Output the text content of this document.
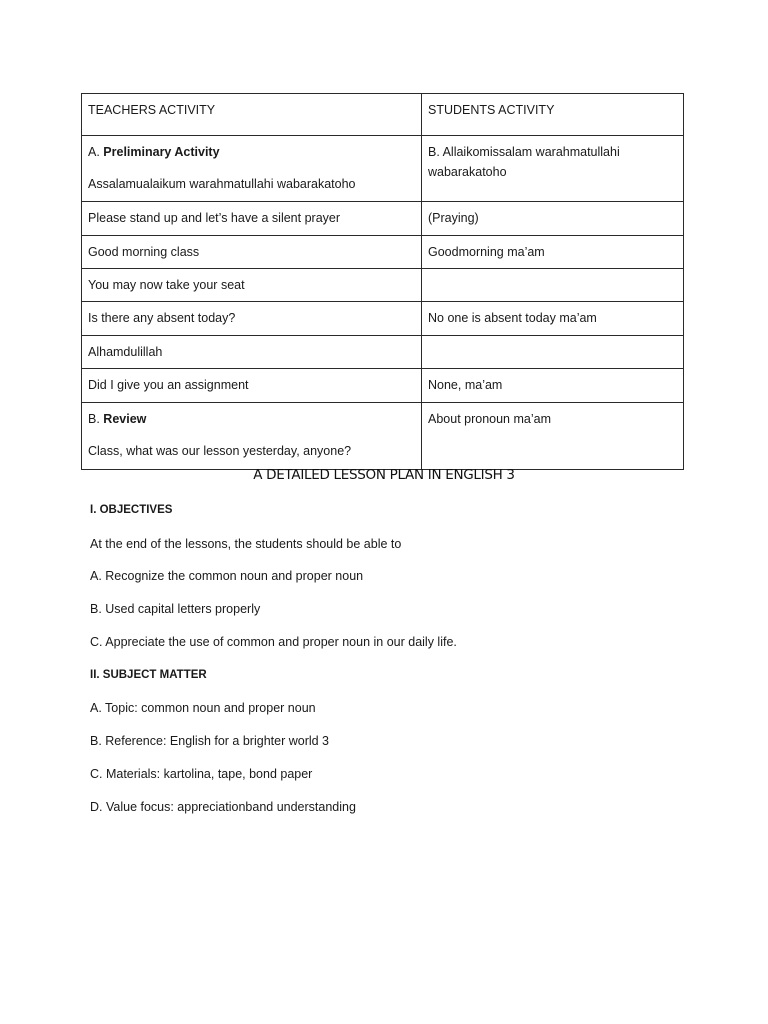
TEACHERS ACTIVITY	STUDENTS ACTIVITY

A. Preliminary Activity
Assalamualaikum warahmatullahi wabarakatoho	B. Allaikomissalam warahmatullahi
wabarakatoho

Please stand up and let’s have a silent prayer	(Praying)
Good morning class	Goodmorning ma’am
You may now take your seat	
Is there any absent today?	No one is absent today ma’am
Alhamdulillah	
Did I give you an assignment	None, ma’am

B. Review
Class, what was our lesson yesterday, anyone?	About pronoun ma’am
A DETAILED LESSON PLAN IN ENGLISH 3
I. OBJECTIVES
At the end of the lessons, the students should be able to
A. Recognize the common noun and proper noun
B. Used capital letters properly
C. Appreciate the use of common and proper noun in our daily life.
II. SUBJECT MATTER
A. Topic: common noun and proper noun
B. Reference: English for a brighter world 3
C. Materials: kartolina, tape, bond paper
D. Value focus: appreciationband understanding
